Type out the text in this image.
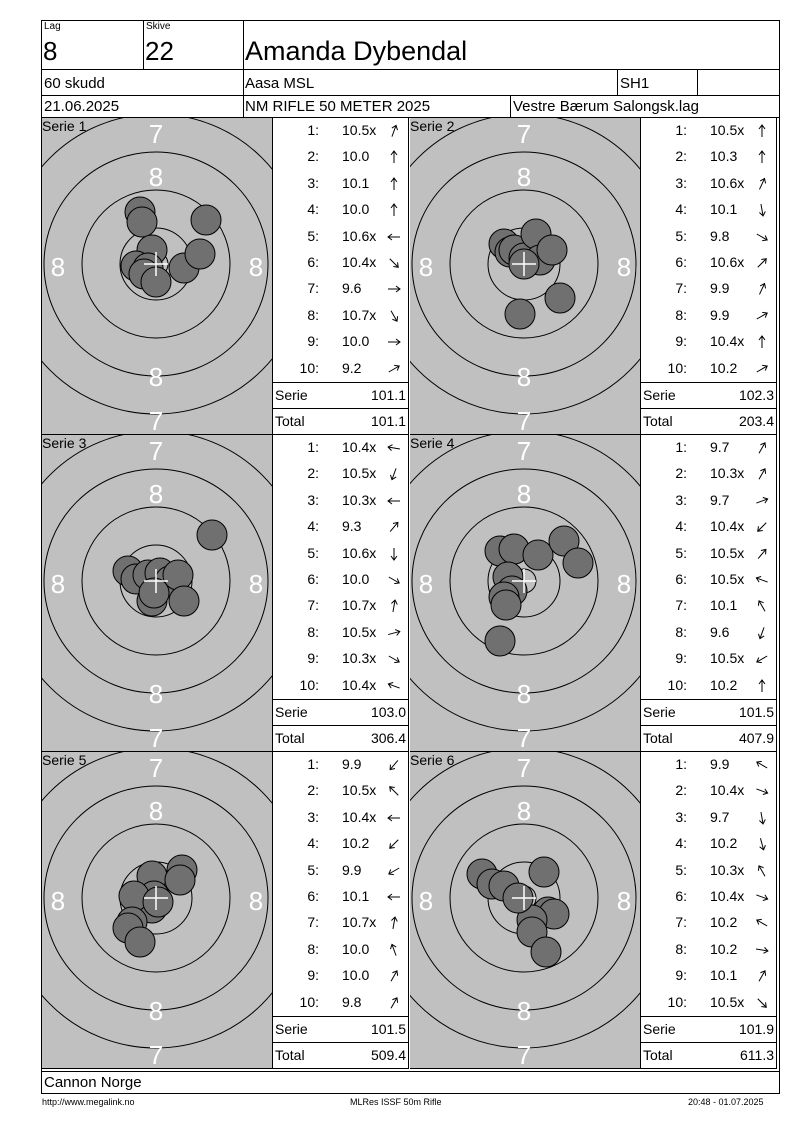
Lag
8
Skive
22	Amanda Dybendal
60 skudd	Aasa MSL	SH1
21.06.2025	NM RIFLE 50 METER 2025	Vestre Bærum Salongsk.lag
7
8
8	8
8
7
Serie 1	1: 10.5x
2: 10.0
3: 10.1
4: 10.0
5: 10.6x
6: 10.4x
7: 9.6
8: 10.7x
9: 10.0
10: 9.2
Serie	101.1
Total	101.1
7
8
8	8
8
7
Serie 2	1: 10.5x
2: 10.3
3: 10.6x
4: 10.1
5: 9.8
6: 10.6x
7: 9.9
8: 9.9
9: 10.4x
10: 10.2
Serie	102.3
Total	203.4
7
8
8	8
8
7
Serie 3	1: 10.4x
2: 10.5x
3: 10.3x
4: 9.3
5: 10.6x
6: 10.0
7: 10.7x
8: 10.5x
9: 10.3x
10: 10.4x
Serie	103.0
Total	306.4
7
8
8	8
8
7
Serie 4	1: 9.7
2: 10.3x
3: 9.7
4: 10.4x
5: 10.5x
6: 10.5x
7: 10.1
8: 9.6
9: 10.5x
10: 10.2
Serie	101.5
Total	407.9
7
8
8	8
8
7
Serie 5	1: 9.9
2: 10.5x
3: 10.4x
4: 10.2
5: 9.9
6: 10.1
7: 10.7x
8: 10.0
9: 10.0
10: 9.8
Serie	101.5
Total	509.4
7
8
8	8
8
7
Serie 6	1: 9.9
2: 10.4x
3: 9.7
4: 10.2
5: 10.3x
6: 10.4x
7: 10.2
8: 10.2
9: 10.1
10: 10.5x
Serie	101.9
Total	611.3
Cannon Norge
http://www.megalink.no	MLRes ISSF 50m Rifle	20:48 - 01.07.2025
